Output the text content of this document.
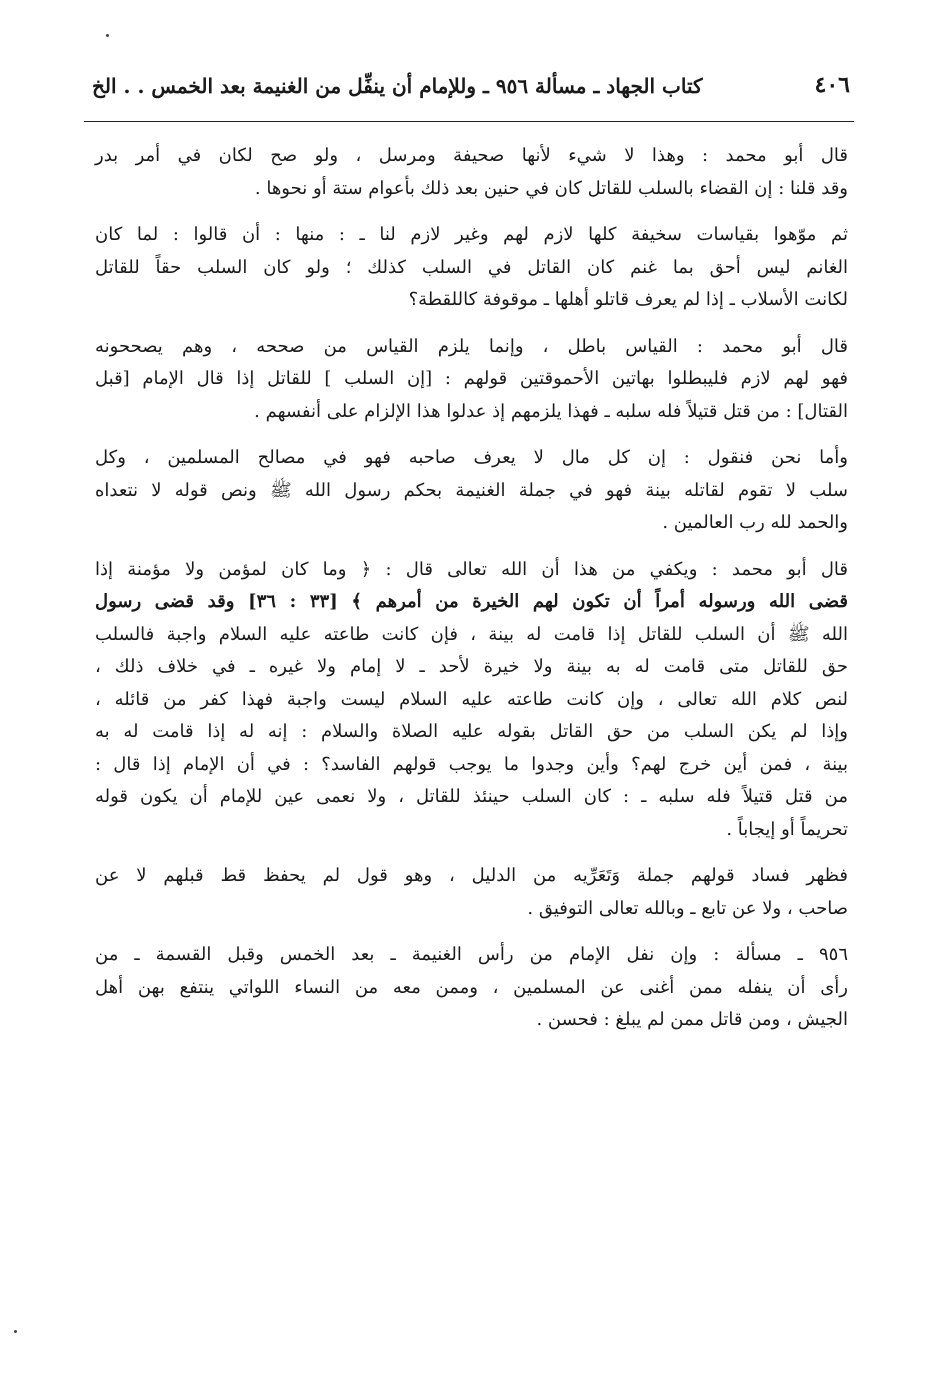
٤٠٦
كتاب الجهاد ـ مسألة ٩٥٦ ـ وللإمام أن ينفِّل من الغنيمة بعد الخمس . . الخ
قال أبو محمد : وهذا لا شيء لأنها صحيفة ومرسل ، ولو صح لكان في أمر بدر
وقد قلنا : إن القضاء بالسلب للقاتل كان في حنين بعد ذلك بأعوام ستة أو نحوها .
ثم موّهوا بقياسات سخيفة كلها لازم لهم وغير لازم لنا ـ : منها : أن قالوا : لما كان
الغانم ليس أحق بما غنم كان القاتل في السلب كذلك ؛ ولو كان السلب حقاً للقاتل
لكانت الأسلاب ـ إذا لم يعرف قاتلو أهلها ـ موقوفة كاللقطة؟
قال أبو محمد : القياس باطل ، وإنما يلزم القياس من صححه ، وهم يصححونه
فهو لهم لازم فليبطلوا بهاتين الأحموقتين قولهم : [إن السلب ] للقاتل إذا قال الإمام [قبل
القتال] : من قتل قتيلاً فله سلبه ـ فهذا يلزمهم إذ عدلوا هذا الإلزام على أنفسهم .
وأما نحن فنقول : إن كل مال لا يعرف صاحبه فهو في مصالح المسلمين ، وكل
سلب لا تقوم لقاتله بينة فهو في جملة الغنيمة بحكم رسول الله ﷺ ونص قوله لا نتعداه
والحمد لله رب العالمين .
قال أبو محمد : ويكفي من هذا أن الله تعالى قال : ﴿ وما كان لمؤمن ولا مؤمنة إذا
قضى الله ورسوله أمراً أن تكون لهم الخيرة من أمرهم ﴾ [٣٣ : ٣٦] وقد قضى رسول
الله ﷺ أن السلب للقاتل إذا قامت له بينة ، فإن كانت طاعته عليه السلام واجبة فالسلب
حق للقاتل متى قامت له به بينة ولا خيرة لأحد ـ لا إمام ولا غيره ـ في خلاف ذلك ،
لنص كلام الله تعالى ، وإن كانت طاعته عليه السلام ليست واجبة فهذا كفر من قائله ،
وإذا لم يكن السلب من حق القاتل بقوله عليه الصلاة والسلام : إنه له إذا قامت له به
بينة ، فمن أين خرج لهم؟ وأين وجدوا ما يوجب قولهم الفاسد؟ : في أن الإمام إذا قال :
من قتل قتيلاً فله سلبه ـ : كان السلب حينئذ للقاتل ، ولا نعمى عين للإمام أن يكون قوله
تحريماً أو إيجاباً .
فظهر فساد قولهم جملة وَتَعَرِّيه من الدليل ، وهو قول لم يحفظ قط قبلهم لا عن
صاحب ، ولا عن تابع ـ وبالله تعالى التوفيق .
٩٥٦ ـ مسألة : وإن نفل الإمام من رأس الغنيمة ـ بعد الخمس وقبل القسمة ـ من
رأى أن ينفله ممن أغنى عن المسلمين ، وممن معه من النساء اللواتي ينتفع بهن أهل
الجيش ، ومن قاتل ممن لم يبلغ : فحسن .
